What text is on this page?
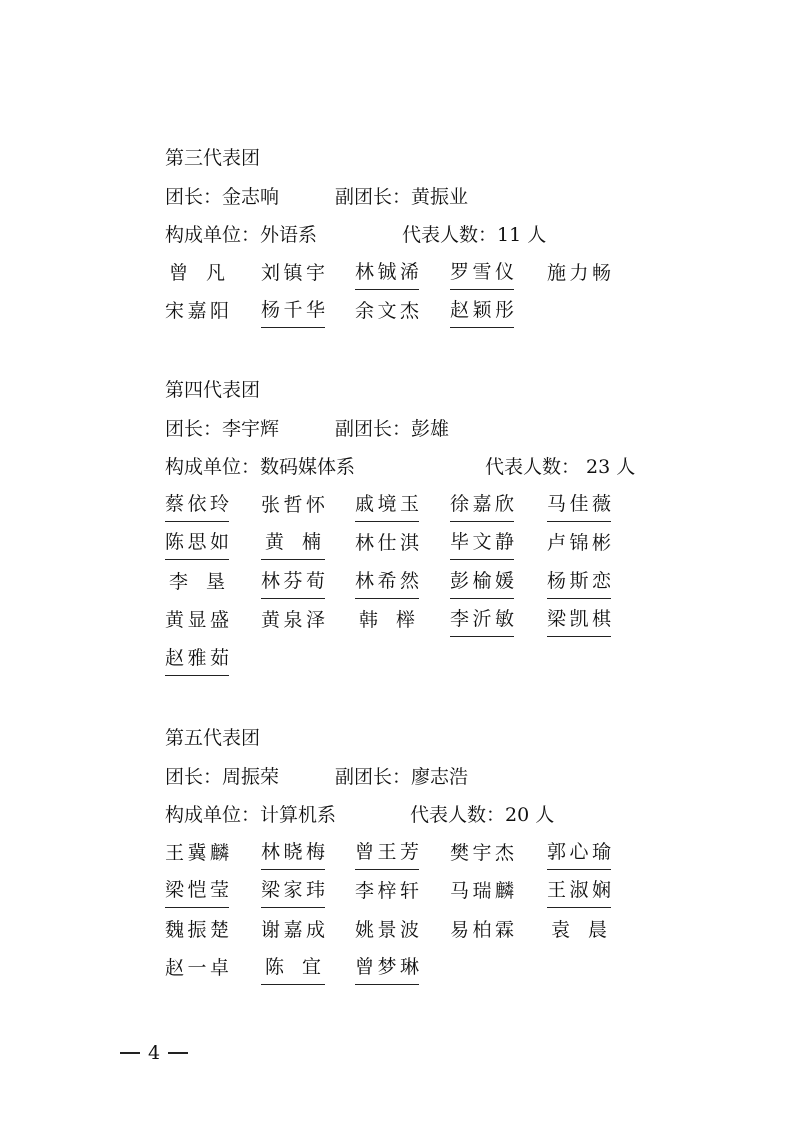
第三代表团
团长：金志响	副团长：黄振业
构成单位：外语系	代表人数：11 人
曾凡 刘镇宇 林铖浠 罗雪仪 施力畅
宋嘉阳 杨千华 余文杰 赵颖彤
第四代表团
团长：李宇辉	副团长：彭雄
构成单位：数码媒体系	代表人数： 23 人
蔡依玲 张哲怀 戚境玉 徐嘉欣 马佳薇
陈思如 黄楠 林仕淇 毕文静 卢锦彬
李垦 林芬荀 林希然 彭榆媛 杨斯恋
黄显盛 黄泉泽 韩榉 李沂敏 梁凯棋
赵雅茹
第五代表团
团长：周振荣	副团长：廖志浩
构成单位：计算机系	代表人数：20 人
王冀麟 林晓梅 曾王芳 樊宇杰 郭心瑜
梁恺莹 梁家玮 李梓轩 马瑞麟 王淑娴
魏振楚 谢嘉成 姚景波 易柏霖 袁晨
赵一卓 陈宜 曾梦琳
4
